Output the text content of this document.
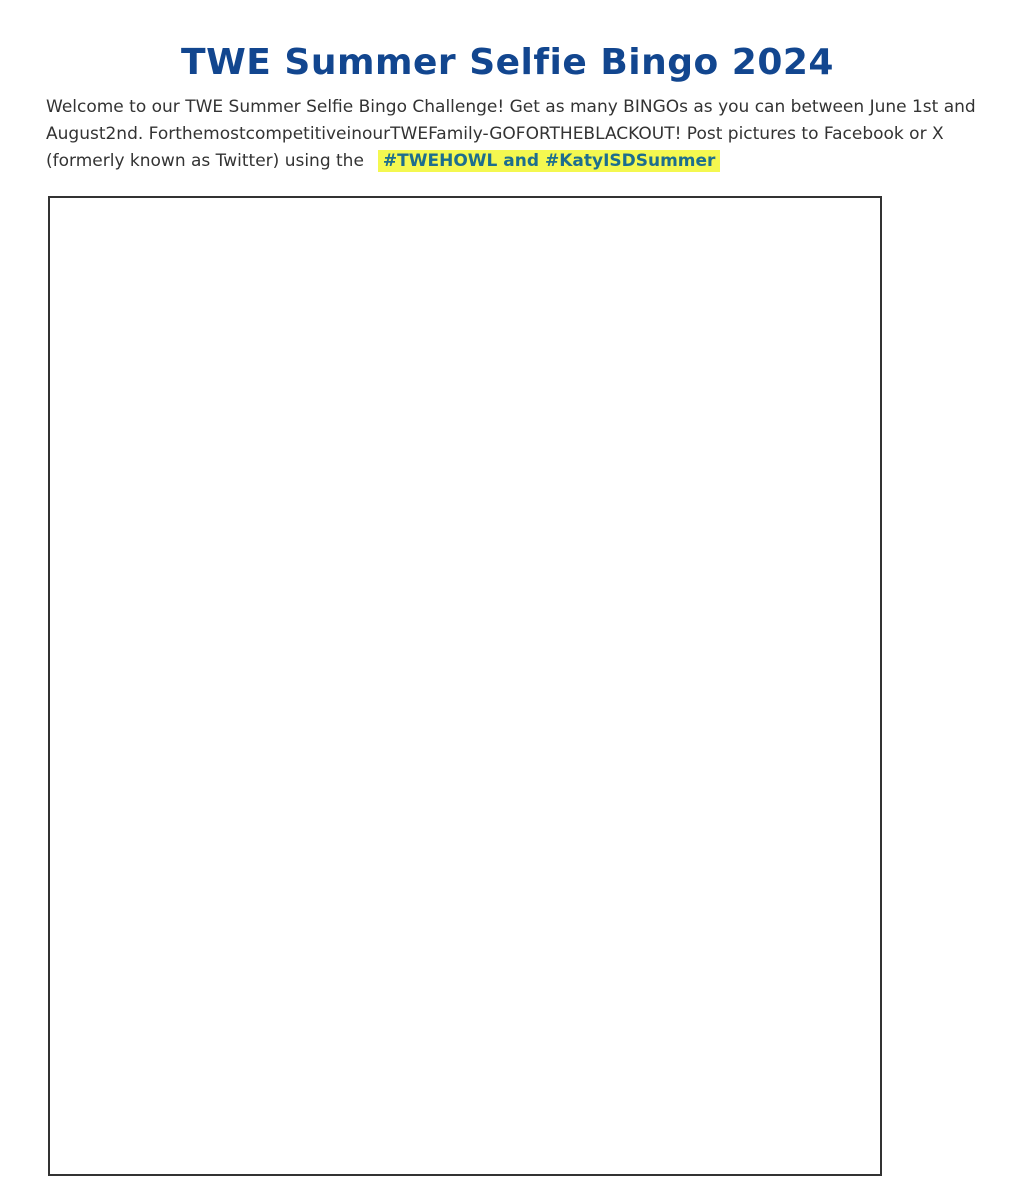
TWE Summer Selfie Bingo 2024

Welcome to our TWE Summer Selfie Bingo Challenge! Get as many BINGOs as you can between June 1st and August2nd. ForthemostcompetitiveinourTWEFamily-GOFORTHEBLACKOUT! Post pictures to Facebook or X (formerly known as Twitter) using the #TWEHOWL and #KatyISDSummer
